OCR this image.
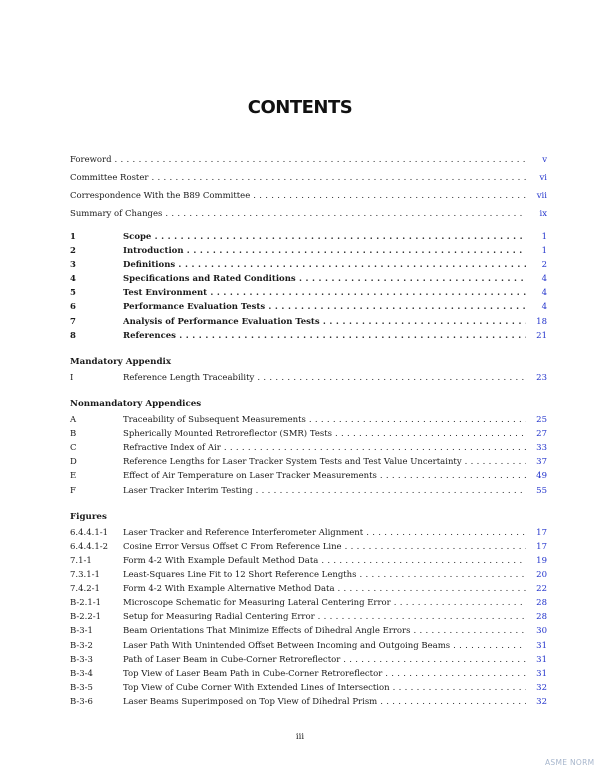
CONTENTS
Foreword . . .	v
Committee Roster . . .	vi
Correspondence With the B89 Committee . . .	vii
Summary of Changes . . .	ix
1	Scope . . .	1
2	Introduction . . .	1
3	Definitions . . .	2
4	Specifications and Rated Conditions . . .	4
5	Test Environment . . .	4
6	Performance Evaluation Tests . . .	4
7	Analysis of Performance Evaluation Tests . . .	18
8	References . . .	21
Mandatory Appendix
I	Reference Length Traceability . . .	23
Nonmandatory Appendices
A	Traceability of Subsequent Measurements . . .	25
B	Spherically Mounted Retroreflector (SMR) Tests . . .	27
C	Refractive Index of Air . . .	33
D	Reference Lengths for Laser Tracker System Tests and Test Value Uncertainty . . .	37
E	Effect of Air Temperature on Laser Tracker Measurements . . .	49
F	Laser Tracker Interim Testing . . .	55
Figures
6.4.4.1-1 Laser Tracker and Reference Interferometer Alignment . . .	17
6.4.4.1-2 Cosine Error Versus Offset C From Reference Line . . .	17
7.1-1	Form 4-2 With Example Default Method Data . . .	19
7.3.1-1	Least-Squares Line Fit to 12 Short Reference Lengths . . .	20
7.4.2-1	Form 4-2 With Example Alternative Method Data . . .	22
B-2.1-1	Microscope Schematic for Measuring Lateral Centering Error . . .	28
B-2.2-1	Setup for Measuring Radial Centering Error . . .	28
B-3-1	Beam Orientations That Minimize Effects of Dihedral Angle Errors . . .	30
B-3-2	Laser Path With Unintended Offset Between Incoming and Outgoing Beams . . .	31
B-3-3	Path of Laser Beam in Cube-Corner Retroreflector . . .	31
B-3-4	Top View of Laser Beam Path in Cube-Corner Retroreflector . . .	31
B-3-5	Top View of Cube Corner With Extended Lines of Intersection . . .	32
B-3-6	Laser Beams Superimposed on Top View of Dihedral Prism . . .	32
iii
ASME NORM
